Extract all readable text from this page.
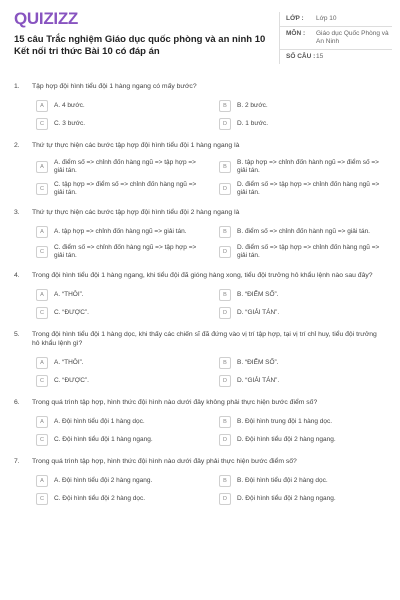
QUIZIZZ
15 câu Trắc nghiệm Giáo dục quốc phòng và an ninh 10 Kết nối tri thức Bài 10 có đáp án
LỚP :	Lớp 10
MÔN :	Giáo dục Quốc Phòng và An Ninh
SỐ CÂU : 15
1.	Tập hợp đội hình tiểu đội 1 hàng ngang có mấy bước?
A	A. 4 bước.	B	B. 2 bước.
C	C. 3 bước.	D	D. 1 bước.
2.	Thứ tự thực hiện các bước tập hợp đội hình tiểu đội 1 hàng ngang là
A
A. điểm số => chỉnh đốn hàng ngũ => tập hợp => giải tán.	B
B. tập hợp => chỉnh đốn hành ngũ => điểm số => giải tán.
C
C. tập hợp => điểm số => chỉnh đốn hàng ngũ => giải tán.	D
D. điểm số => tập hợp => chỉnh đốn hàng ngũ => giải tán.
3.	Thứ tự thực hiện các bước tập hợp đội hình tiểu đội 2 hàng ngang là
A	A. tập hợp => chỉnh đốn hàng ngũ => giải tán.	B	B. điểm số => chỉnh đốn hành ngũ => giải tán.
C
C. điểm số => chỉnh đốn hàng ngũ => tập hợp => giải tán.	D
D. điểm số => tập hợp => chỉnh đốn hàng ngũ => giải tán.
4.	Trong đội hình tiểu đội 1 hàng ngang, khi tiểu đội đã gióng hàng xong, tiểu đội trưởng hô khẩu lệnh nào sau đây?
A	A. “THÔI”.	B	B. “ĐIỂM SỐ”.
C	C. “ĐƯỢC”.	D	D. “GIẢI TÁN”.
5.	Trong đội hình tiểu đội 1 hàng dọc, khi thấy các chiến sĩ đã đứng vào vị trí tập hợp, tại vị trí chỉ huy, tiểu đội trưởng hô khẩu lệnh gì?
A	A. “THÔI”.	B	B. “ĐIỂM SỐ”.
C	C. “ĐƯỢC”.	D	D. “GIẢI TÁN”.
6.	Trong quá trình tập hợp, hình thức đội hình nào dưới đây không phải thực hiện bước điểm số?
A	A. Đội hình tiểu đội 1 hàng dọc.	B	B. Đội hình trung đội 1 hàng dọc.
C	C. Đội hình tiểu đội 1 hàng ngang.	D	D. Đội hình tiểu đội 2 hàng ngang.
7.	Trong quá trình tập hợp, hình thức đội hình nào dưới đây phải thực hiện bước điểm số?
A	A. Đội hình tiểu đội 2 hàng ngang.	B	B. Đội hình tiểu đội 2 hàng dọc.
C	C. Đội hình tiểu đội 2 hàng dọc.	D	D. Đội hình tiểu đội 2 hàng ngang.
